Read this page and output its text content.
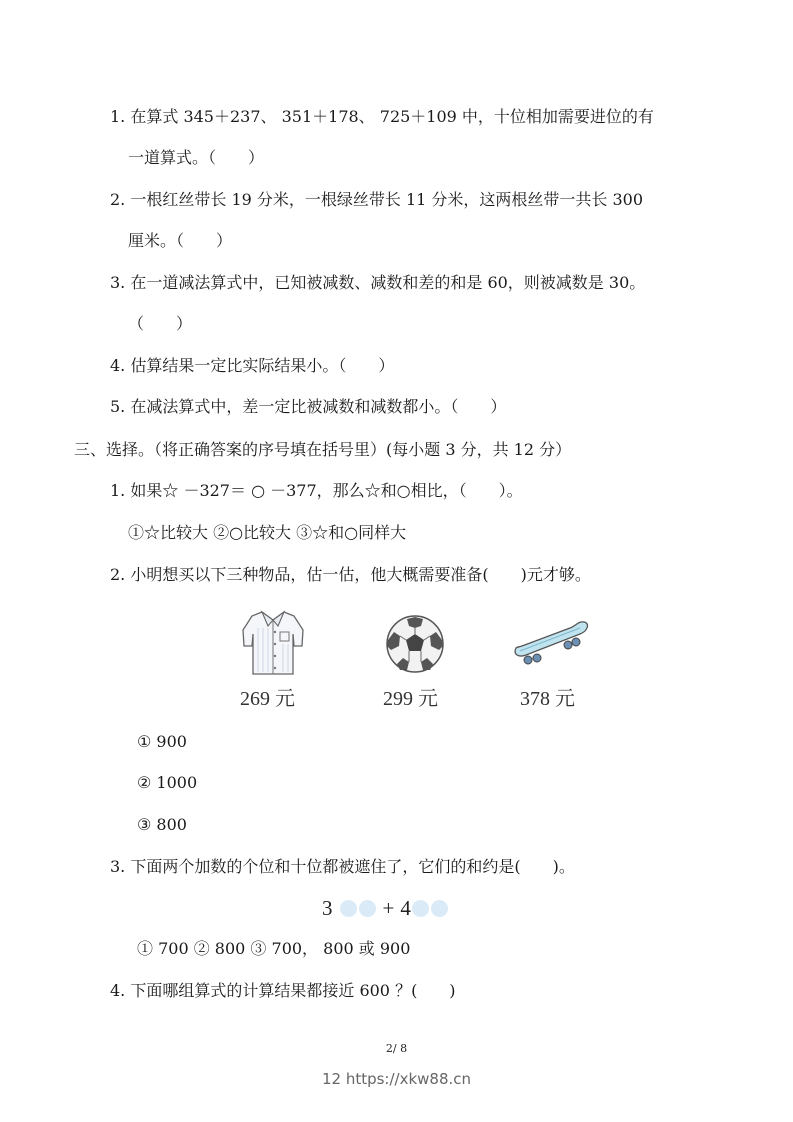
1. 在算式 345＋237、 351＋178、 725＋109 中，十位相加需要进位的有
一道算式。（　　）
2. 一根红丝带长 19 分米，一根绿丝带长 11 分米，这两根丝带一共长 300
厘米。（　　）
3. 在一道减法算式中，已知被减数、减数和差的和是 60，则被减数是 30。
（　　）
4. 估算结果一定比实际结果小。（　　）
5. 在减法算式中，差一定比被减数和减数都小。（　　）
三、选择。（将正确答案的序号填在括号里）(每小题 3 分，共 12 分）
1. 如果☆ －327＝ ○ －377，那么☆和○相比，（　　）。
①☆比较大 ②○比较大 ③☆和○同样大
2. 小明想买以下三种物品，估一估，他大概需要准备(　　)元才够。
269 元	299 元	378 元
① 900
② 1000
③ 800
3. 下面两个加数的个位和十位都被遮住了，它们的和约是(　　)。
3 + 4
① 700 ② 800 ③ 700， 800 或 900
4. 下面哪组算式的计算结果都接近 600 ？(　　)
2/ 8
12 https://xkw88.cn
